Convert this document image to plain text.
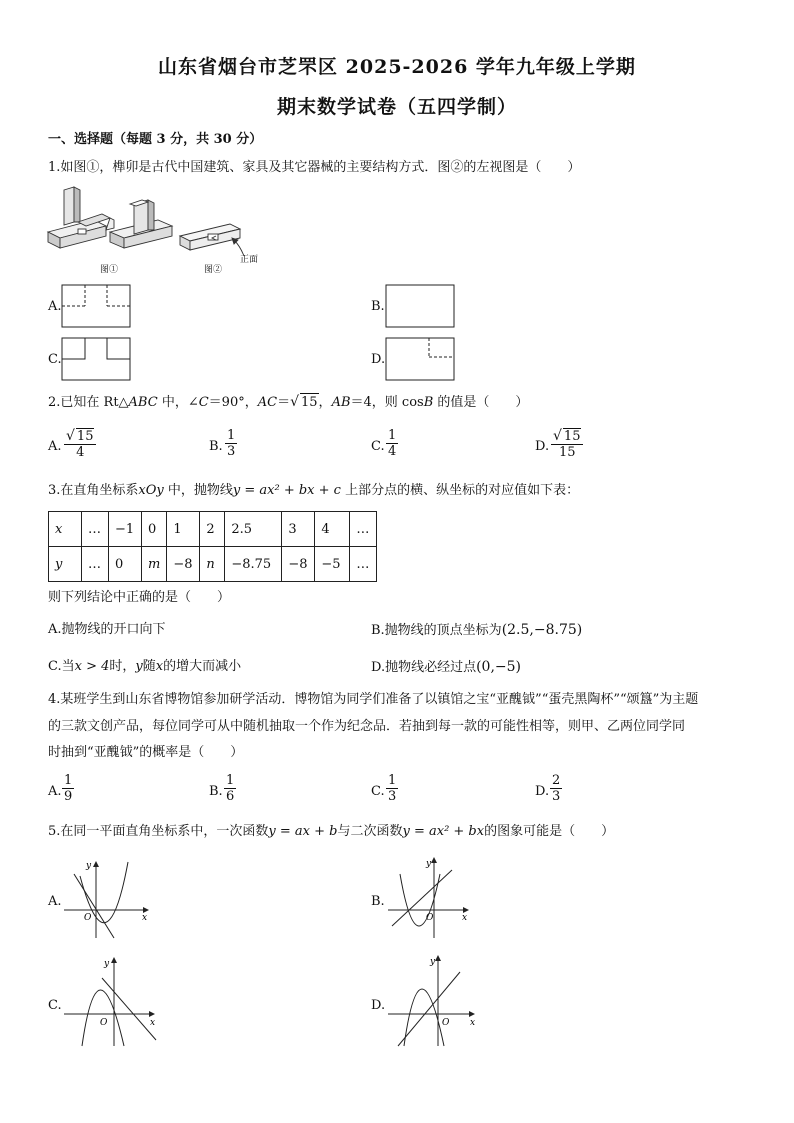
山东省烟台市芝罘区 2025-2026 学年九年级上学期
期末数学试卷（五四学制）
一、选择题（每题 3 分，共 30 分）
1.如图①，榫卯是古代中国建筑、家具及其它器械的主要结构方式．图②的左视图是（　　）
正面
图①	图②
A.	B.
C.	D.
2.已知在 Rt△ABC 中，∠C＝90°，AC＝√ 15，AB＝4，则 cosB 的值是（　　）
A. $\frac{√ 15}{4}$	B. $\frac{1}{3}$	C. $\frac{1}{4}$	D. $\frac{√ 15}{15}$
3.在直角坐标系xOy 中，抛物线y = ax² + bx + c 上部分点的横、纵坐标的对应值如下表：
x	…	−1	0	1	2	2.5	3	4	…
y	…	0	m	−8	n	−8.75	−8	−5	…
则下列结论中正确的是（　　）
A.抛物线的开口向下	B.抛物线的顶点坐标为(2.5,−8.75)
C.当x > 4时，y随x的增大而减小	D.抛物线必经过点(0,−5)
4.某班学生到山东省博物馆参加研学活动．博物馆为同学们准备了以镇馆之宝“亚醜钺”“蛋壳黑陶杯”“颂簋”为主题
的三款文创产品，每位同学可从中随机抽取一个作为纪念品．若抽到每一款的可能性相等，则甲、乙两位同学同
时抽到“亚醜钺”的概率是（　　）
A. $\frac{1}{9}$	B. $\frac{1}{6}$	C. $\frac{1}{3}$	D. $\frac{2}{3}$
5.在同一平面直角坐标系中，一次函数y = ax + b与二次函数y = ax² + bx的图象可能是（　　）
A.
x
y
O
B.
x
y
O
C.
x
y
O
D.
x
y
O
